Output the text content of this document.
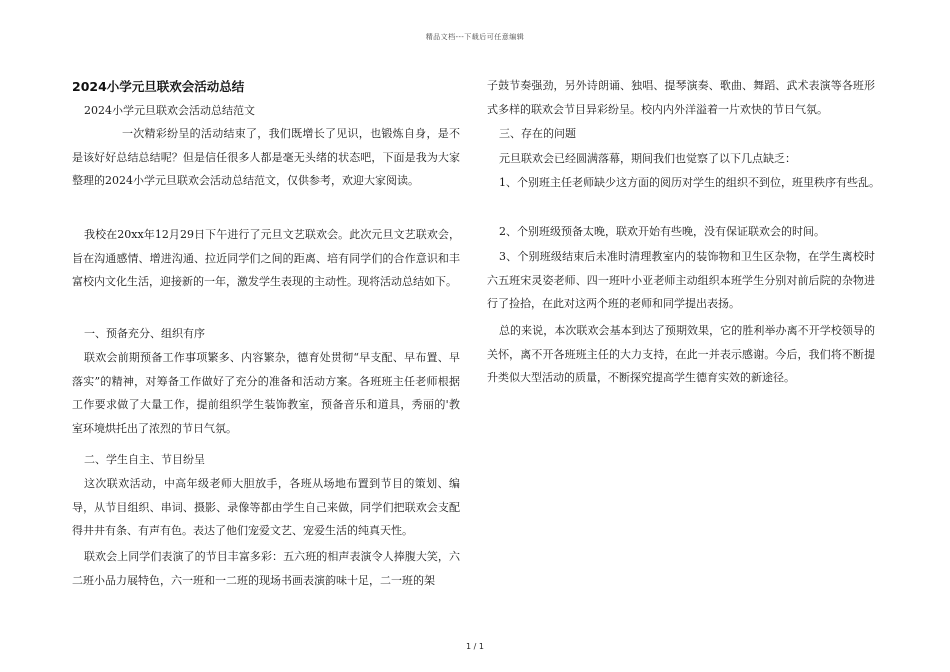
精品文档---下载后可任意编辑
2024小学元旦联欢会活动总结

2024小学元旦联欢会活动总结范文

一次精彩纷呈的活动结束了，我们既增长了见识，也锻炼自身，是不是该好好总结总结呢？但是信任很多人都是毫无头绪的状态吧，下面是我为大家整理的2024小学元旦联欢会活动总结范文，仅供参考，欢迎大家阅读。

我校在20xx年12月29日下午进行了元旦文艺联欢会。此次元旦文艺联欢会，旨在沟通感情、增进沟通、拉近同学们之间的距离、培有同学们的合作意识和丰富校内文化生活，迎接新的一年，激发学生表现的主动性。现将活动总结如下。

一、预备充分、组织有序

联欢会前期预备工作事项繁多、内容繁杂，德育处贯彻“早支配、早布置、早落实”的精神，对筹备工作做好了充分的准备和活动方案。各班班主任老师根据工作要求做了大量工作，提前组织学生装饰教室，预备音乐和道具，秀丽的'教室环境烘托出了浓烈的节日气氛。

二、学生自主、节目纷呈

这次联欢活动，中高年级老师大胆放手，各班从场地布置到节目的策划、编导，从节目组织、串词、摄影、录像等都由学生自己来做，同学们把联欢会支配得井井有条、有声有色。表达了他们宠爱文艺、宠爱生活的纯真天性。

联欢会上同学们表演了的节目丰富多彩：五六班的相声表演令人捧腹大笑，六二班小品力展特色，六一班和一二班的现场书画表演韵味十足，二一班的架

子鼓节奏强劲，另外诗朗诵、独唱、提琴演奏、歌曲、舞蹈、武术表演等各班形式多样的联欢会节目异彩纷呈。校内内外洋溢着一片欢快的节日气氛。

三、存在的问题

元旦联欢会已经圆满落幕，期间我们也觉察了以下几点缺乏：

1、个别班主任老师缺少这方面的阅历对学生的组织不到位，班里秩序有些乱。

2、个别班级预备太晚，联欢开始有些晚，没有保证联欢会的时间。

3、个别班级结束后未准时清理教室内的装饰物和卫生区杂物，在学生离校时六五班宋灵姿老师、四一班叶小亚老师主动组织本班学生分别对前后院的杂物进行了捡拾，在此对这两个班的老师和同学提出表扬。

总的来说，本次联欢会基本到达了预期效果，它的胜利举办离不开学校领导的关怀，离不开各班班主任的大力支持，在此一并表示感谢。今后，我们将不断提升类似大型活动的质量，不断探究提高学生德育实效的新途径。

1 / 1
